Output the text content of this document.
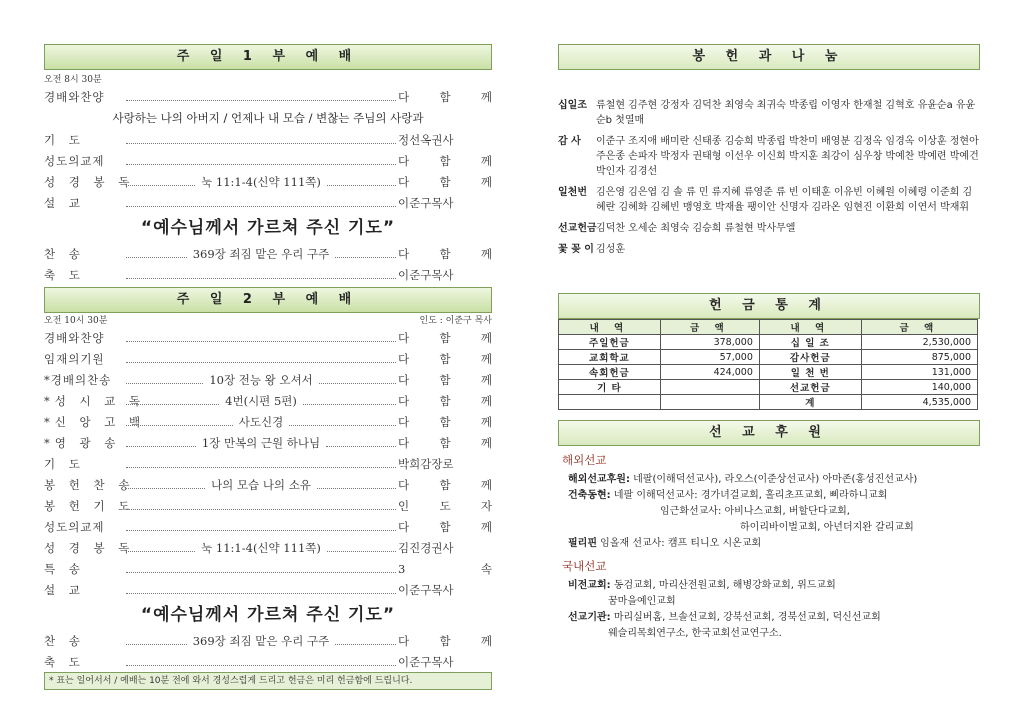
주 일 1 부 예 배
오전 8시 30분
경배와찬양	다 함 께
사랑하는 나의 아버지 / 언제나 내 모습 / 변찮는 주님의 사랑과
기 도	정선옥권사
성도의교제	다 함 께
성 경 봉 독	눅 11:1-4(신약 111쪽)	다 함 께
설 교	이준구목사
“예수님께서 가르쳐 주신 기도”
찬 송	369장 죄짐 맡은 우리 구주	다 함 께
축 도	이준구목사
주 일 2 부 예 배
오전 10시 30분	인도 : 이준구 목사
경배와찬양	다 함 께
임재의기원	다 함 께
*경배의찬송	10장 전능 왕 오셔서	다 함 께
*성 시 교 독	4번(시편 5편)	다 함 께
*신 앙 고 백	사도신경	다 함 께
*영 광 송	1장 만복의 근원 하나님	다 함 께
기 도	박희감장로
봉 헌 찬 송	나의 모습 나의 소유	다 함 께
봉 헌 기 도	인 도 자
성도의교제	다 함 께
성 경 봉 독	눅 11:1-4(신약 111쪽)	김진경권사
특 송	3 속
설 교	이준구목사
“예수님께서 가르쳐 주신 기도”
찬 송	369장 죄짐 맡은 우리 구주	다 함 께
축 도	이준구목사
* 표는 일어서서 / 예배는 10분 전에 와서 경성스럽게 드리고 헌금은 미리 헌금함에 드립니다.
봉 헌 과 나 눔
십일조 류철현 김주현 강정자 김덕찬 최영숙 최귀숙 박종립 이영자 한재철 김혁호 유윤순a 유윤순b 첫열매
감 사	이준구 조지애 배미란 신태종 김승희 박종립 박찬미 배영분 김정옥 임경옥 이상훈 정현아 주은종 손파자 박정자 권태형 이선우 이신희 박지훈 최강이 심우창 박예찬 박예련 박예건 박인자 김경선
일천번 김은영 김은엽 김 솔 류 민 류지혜 류영준 류 빈 이태훈 이유빈 이혜원 이혜령 이준희 김혜란 김혜화 김혜빈 맹영호 박재율 팽이안 신명자 김라온 임현진 이환희 이연서 박재휘
선교헌금 김덕찬 오세순 최영숙 김승희 류철현 박사무엘
꽃 꽂 이 김성훈
헌 금 통 계
내 역	금 액	내 역	금 액
주일헌금	378,000	십 일 조	2,530,000
교회학교	57,000	감사헌금	875,000
속회헌금	424,000	일 천 번	131,000
기 타		선교헌금	140,000
		계	4,535,000
선 교 후 원
해외선교
해외선교후원: 네팔(이해덕선교사), 라오스(이준상선교사) 아마존(홍성진선교사)
건축동현: 네팔 이해덕선교사: 경가녀걸교회, 홀리초프교회, 삐라하니교회
임근화선교사: 아비나스교회, 버할단다교회,
하이리바이벌교회, 아년더지완 갈리교회
필리핀 임올재 선교사: 캠프 티니오 시온교회
국내선교
비전교회: 동검교회, 마리산전원교회, 해병강화교회, 위드교회
꿈마을예인교회
선교기관: 마리실버홈, 브솔선교회, 강북선교회, 경북선교회, 덕신선교회
웨슬리목회연구소, 한국교회선교연구소.
